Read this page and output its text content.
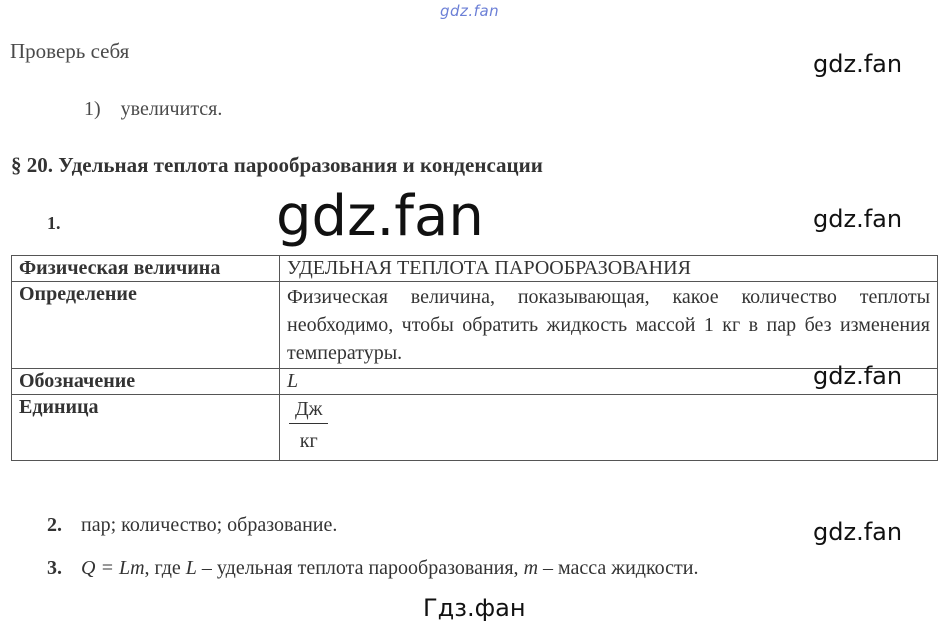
gdz.fan
Проверь себя	gdz.fan
1) увеличится.
§ 20. Удельная теплота парообразования и конденсации
1.	gdz.fan	gdz.fan
Физическая величина	УДЕЛЬНАЯ ТЕПЛОТА ПАРООБРАЗОВАНИЯ
Определение	Физическая величина, показывающая, какое количество теплоты необходимо, чтобы обратить жидкость массой 1 кг в пар без изменения температуры.
Обозначение	L
Единица	$\frac{Дж}{кг}$
gdz.fan
2. пар; количество; образование.	gdz.fan
3. Q = Lm, где L – удельная теплота парообразования, m – масса жидкости.
Гдз.фан
